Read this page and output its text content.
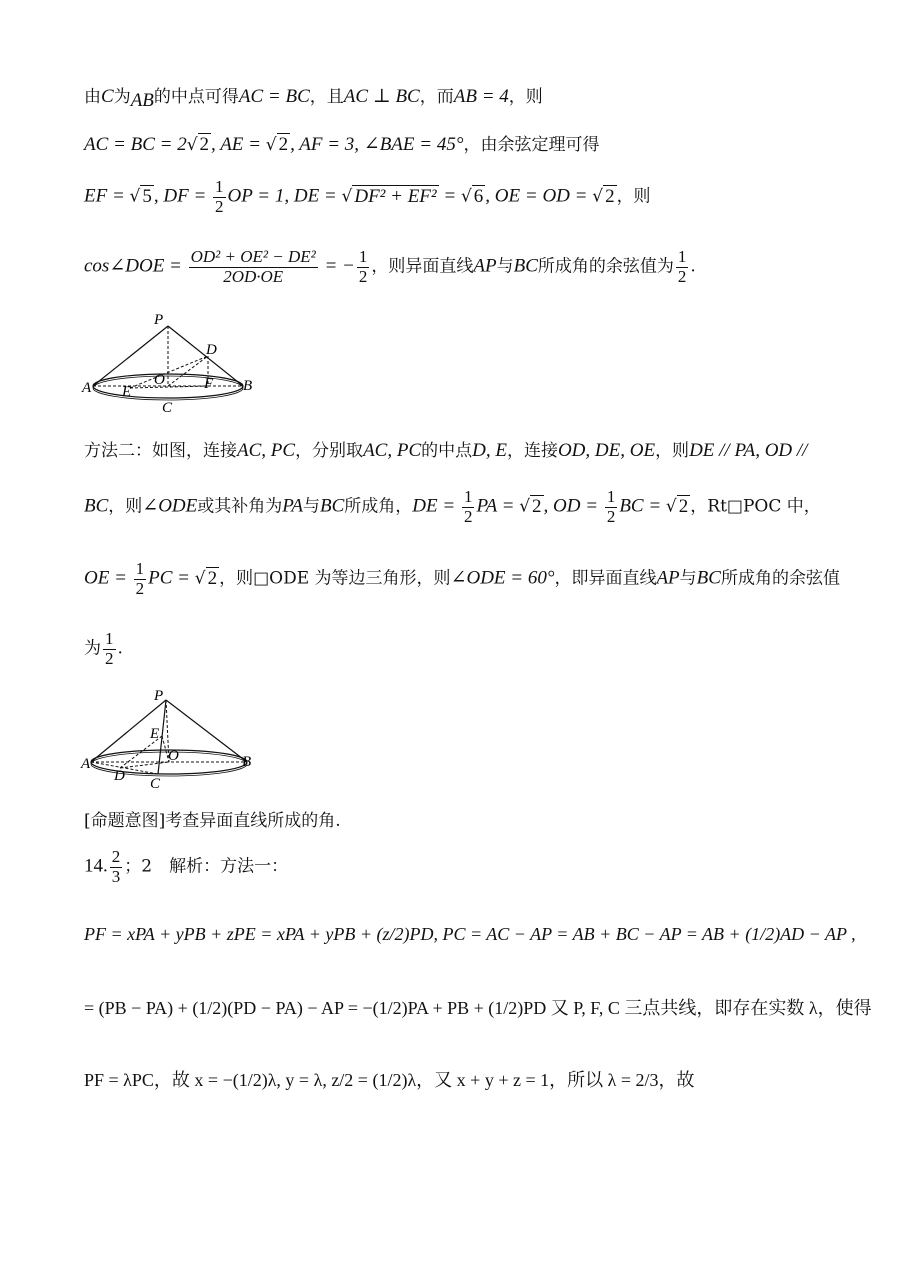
由C为AB的中点可得AC = BC，且AC ⊥ BC，而AB = 4，则
AC = BC = 2√ 2 , AE = √ 2 , AF = 3, ∠BAE = 45°，由余弦定理可得
EF = √ 5 , DF = $\frac{1}{2}$ OP = 1, DE = √ DF² + EF² = √ 6 , OE = OD = √ 2 ，则
cos∠DOE = $\frac{\text{OD² + OE² − DE²}}{2OD\cdot OE}$ = − $\frac{1}{2}$ ，则异面直线AP与BC所成角的余弦值为 $\frac{1}{2}$ .
P
D
A	O	F B
E
C
方法二：如图，连接AC, PC，分别取AC, PC的中点D, E，连接OD, DE, OE，则DE // PA, OD //
BC，则∠ODE或其补角为PA与BC所成角，DE = $\frac{1}{2}$ PA = √ 2 , OD = $\frac{1}{2}$ BC = √ 2 ，Rt□POC 中，
OE = $\frac{1}{2}$ PC = √ 2 ，则□ODE 为等边三角形，则∠ODE = 60°，即异面直线AP与BC所成角的余弦值
为 $\frac{1}{2}$ .
P
E
A	O	B
D C
[命题意图]考查异面直线所成的角.
14. $\frac{2}{3}$ ；2　解析：方法一：
PF = xPA + yPB + zPE = xPA + yPB + (z/2)PD, PC = AC − AP = AB + BC − AP = AB + (1/2)AD − AP ,
= (PB − PA) + (1/2)(PD − PA) − AP = −(1/2)PA + PB + (1/2)PD 又 P, F, C 三点共线，即存在实数 λ，使得
PF = λPC，故 x = −(1/2)λ, y = λ, z/2 = (1/2)λ，又 x + y + z = 1，所以 λ = 2/3，故
